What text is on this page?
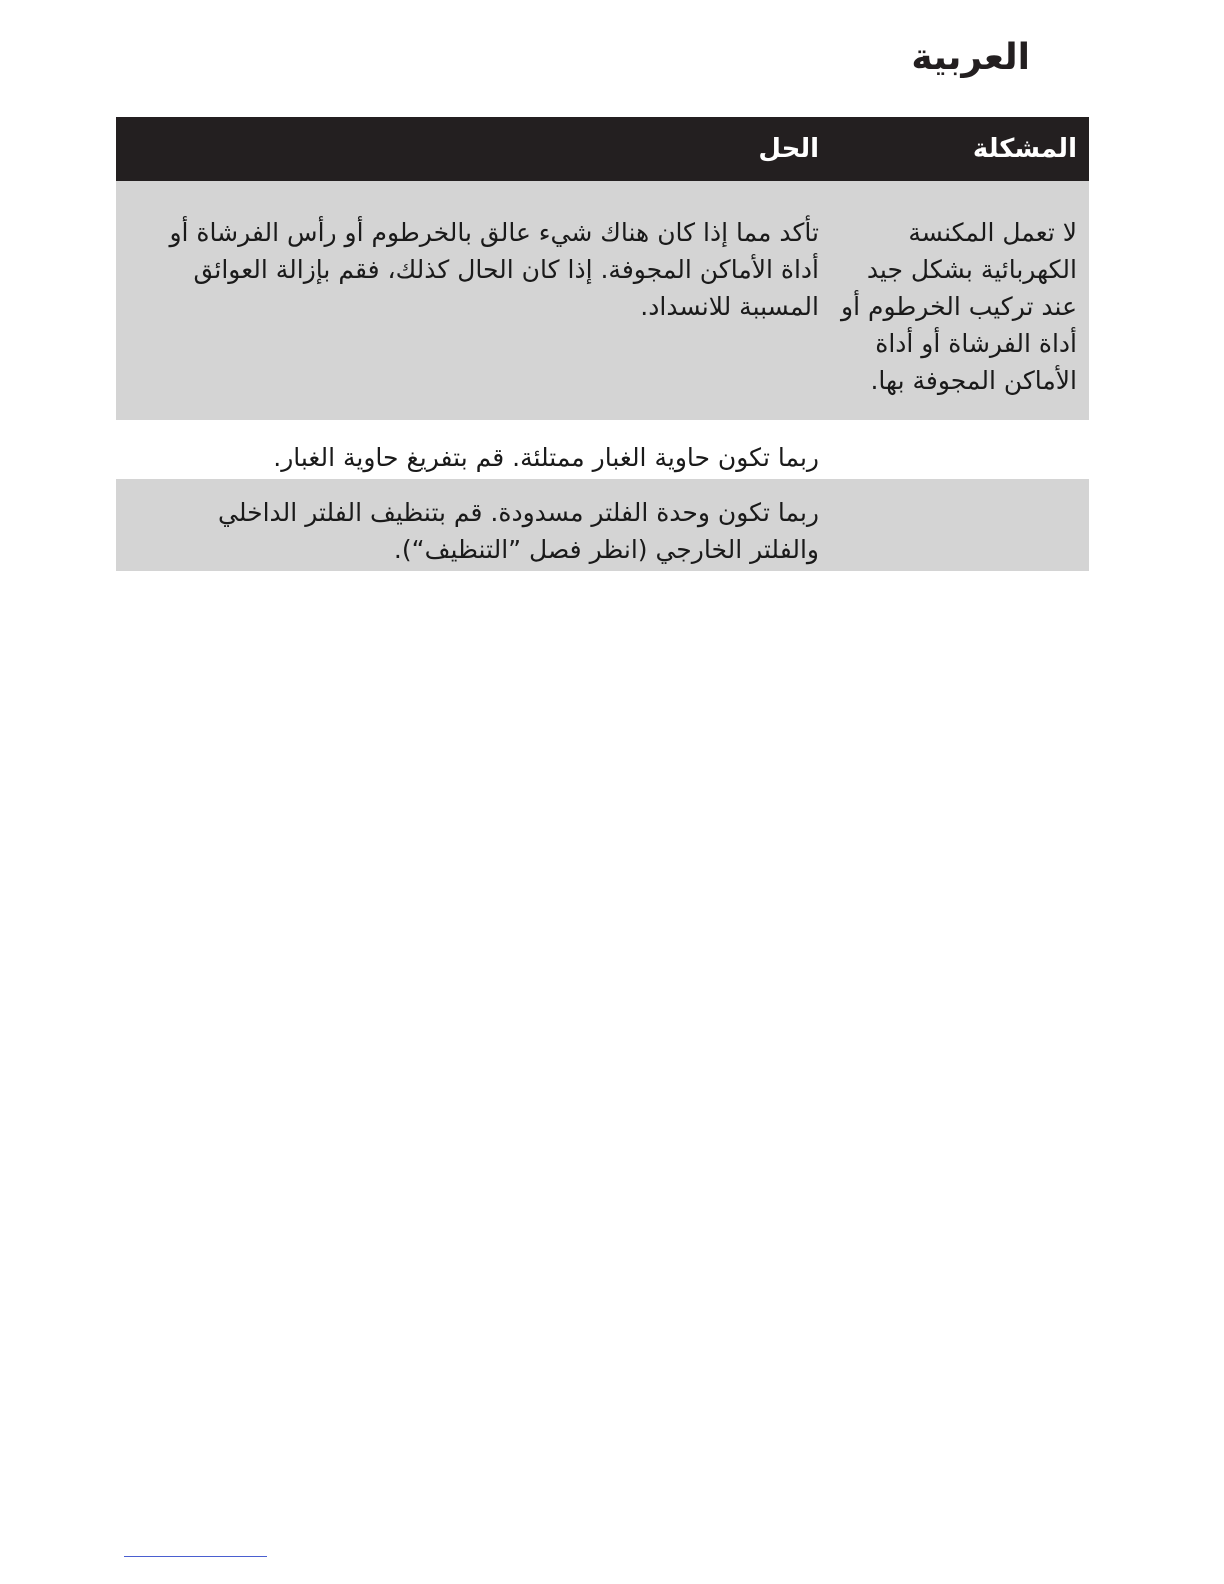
العربية
المشكلة
الحل
لا تعمل المكنسة الكهربائية بشكل جيد عند تركيب الخرطوم أو أداة الفرشاة أو أداة الأماكن المجوفة بها.
تأكد مما إذا كان هناك شيء عالق بالخرطوم أو رأس الفرشاة أو أداة الأماكن المجوفة. إذا كان الحال كذلك، فقم بإزالة العوائق المسببة للانسداد.
ربما تكون حاوية الغبار ممتلئة. قم بتفريغ حاوية الغبار.
ربما تكون وحدة الفلتر مسدودة. قم بتنظيف الفلتر الداخلي والفلتر الخارجي (انظر فصل ”التنظيف“).
